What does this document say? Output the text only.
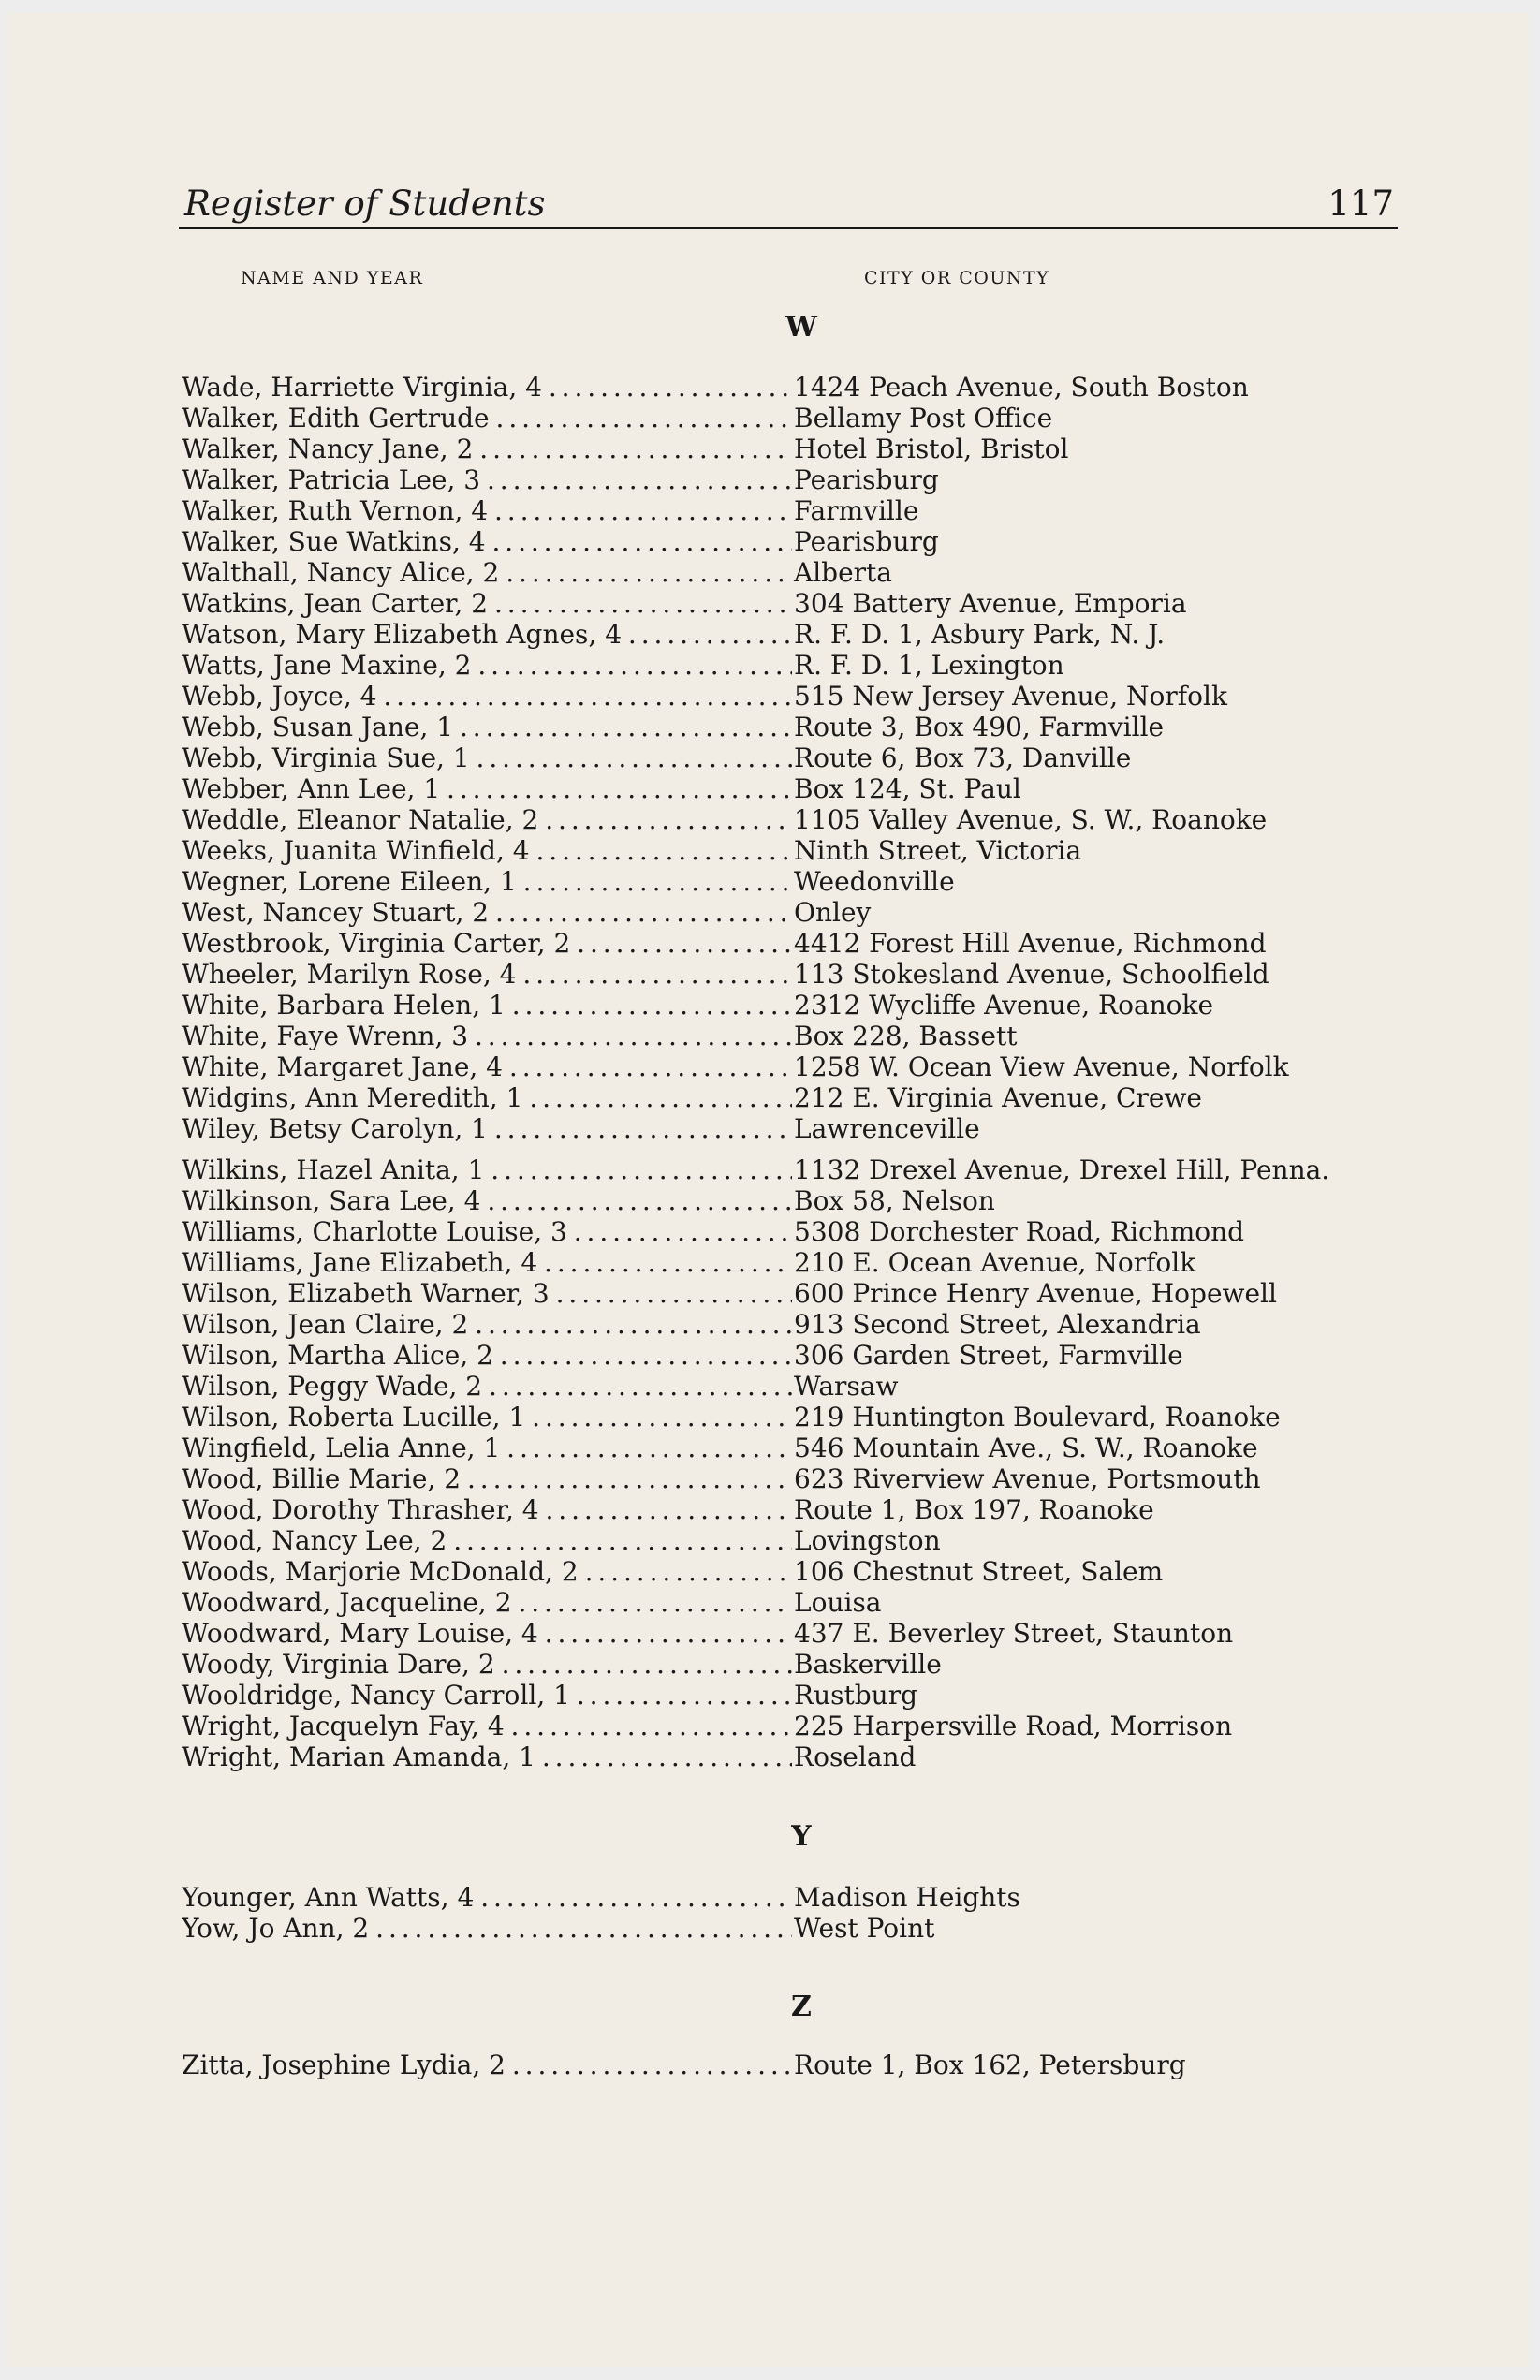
Register of Students	117
NAME AND YEAR	CITY OR COUNTY
W
Wade, Harriette Virginia, 4 . . .	1424 Peach Avenue, South Boston
Walker, Edith Gertrude . . .	Bellamy Post Office
Walker, Nancy Jane, 2 . . .	Hotel Bristol, Bristol
Walker, Patricia Lee, 3 . . .	Pearisburg
Walker, Ruth Vernon, 4 . . .	Farmville
Walker, Sue Watkins, 4 . . .	Pearisburg
Walthall, Nancy Alice, 2 . . .	Alberta
Watkins, Jean Carter, 2 . . .	304 Battery Avenue, Emporia
Watson, Mary Elizabeth Agnes, 4 . . .	R. F. D. 1, Asbury Park, N. J.
Watts, Jane Maxine, 2 . . .	R. F. D. 1, Lexington
Webb, Joyce, 4 . . .	515 New Jersey Avenue, Norfolk
Webb, Susan Jane, 1 . . .	Route 3, Box 490, Farmville
Webb, Virginia Sue, 1 . . .	Route 6, Box 73, Danville
Webber, Ann Lee, 1 . . .	Box 124, St. Paul
Weddle, Eleanor Natalie, 2 . . .	1105 Valley Avenue, S. W., Roanoke
Weeks, Juanita Winfield, 4 . . .	Ninth Street, Victoria
Wegner, Lorene Eileen, 1 . . .	Weedonville
West, Nancey Stuart, 2 . . .	Onley
Westbrook, Virginia Carter, 2 . . .	4412 Forest Hill Avenue, Richmond
Wheeler, Marilyn Rose, 4 . . .	113 Stokesland Avenue, Schoolfield
White, Barbara Helen, 1 . . .	2312 Wycliffe Avenue, Roanoke
White, Faye Wrenn, 3 . . .	Box 228, Bassett
White, Margaret Jane, 4 . . .	1258 W. Ocean View Avenue, Norfolk
Widgins, Ann Meredith, 1 . . .	212 E. Virginia Avenue, Crewe
Wiley, Betsy Carolyn, 1 . . .	Lawrenceville
Wilkins, Hazel Anita, 1 . . .	1132 Drexel Avenue, Drexel Hill, Penna.
Wilkinson, Sara Lee, 4 . . .	Box 58, Nelson
Williams, Charlotte Louise, 3 . . .	5308 Dorchester Road, Richmond
Williams, Jane Elizabeth, 4 . . .	210 E. Ocean Avenue, Norfolk
Wilson, Elizabeth Warner, 3 . . .	600 Prince Henry Avenue, Hopewell
Wilson, Jean Claire, 2 . . .	913 Second Street, Alexandria
Wilson, Martha Alice, 2 . . .	306 Garden Street, Farmville
Wilson, Peggy Wade, 2 . . .	Warsaw
Wilson, Roberta Lucille, 1 . . .	219 Huntington Boulevard, Roanoke
Wingfield, Lelia Anne, 1 . . .	546 Mountain Ave., S. W., Roanoke
Wood, Billie Marie, 2 . . .	623 Riverview Avenue, Portsmouth
Wood, Dorothy Thrasher, 4 . . .	Route 1, Box 197, Roanoke
Wood, Nancy Lee, 2 . . .	Lovingston
Woods, Marjorie McDonald, 2 . . .	106 Chestnut Street, Salem
Woodward, Jacqueline, 2 . . .	Louisa
Woodward, Mary Louise, 4 . . .	437 E. Beverley Street, Staunton
Woody, Virginia Dare, 2 . . .	Baskerville
Wooldridge, Nancy Carroll, 1 . . .	Rustburg
Wright, Jacquelyn Fay, 4 . . .	225 Harpersville Road, Morrison
Wright, Marian Amanda, 1 . . .	Roseland
Y
Younger, Ann Watts, 4 . . .	Madison Heights
Yow, Jo Ann, 2 . . .	West Point
Z
Zitta, Josephine Lydia, 2 . . .	Route 1, Box 162, Petersburg
